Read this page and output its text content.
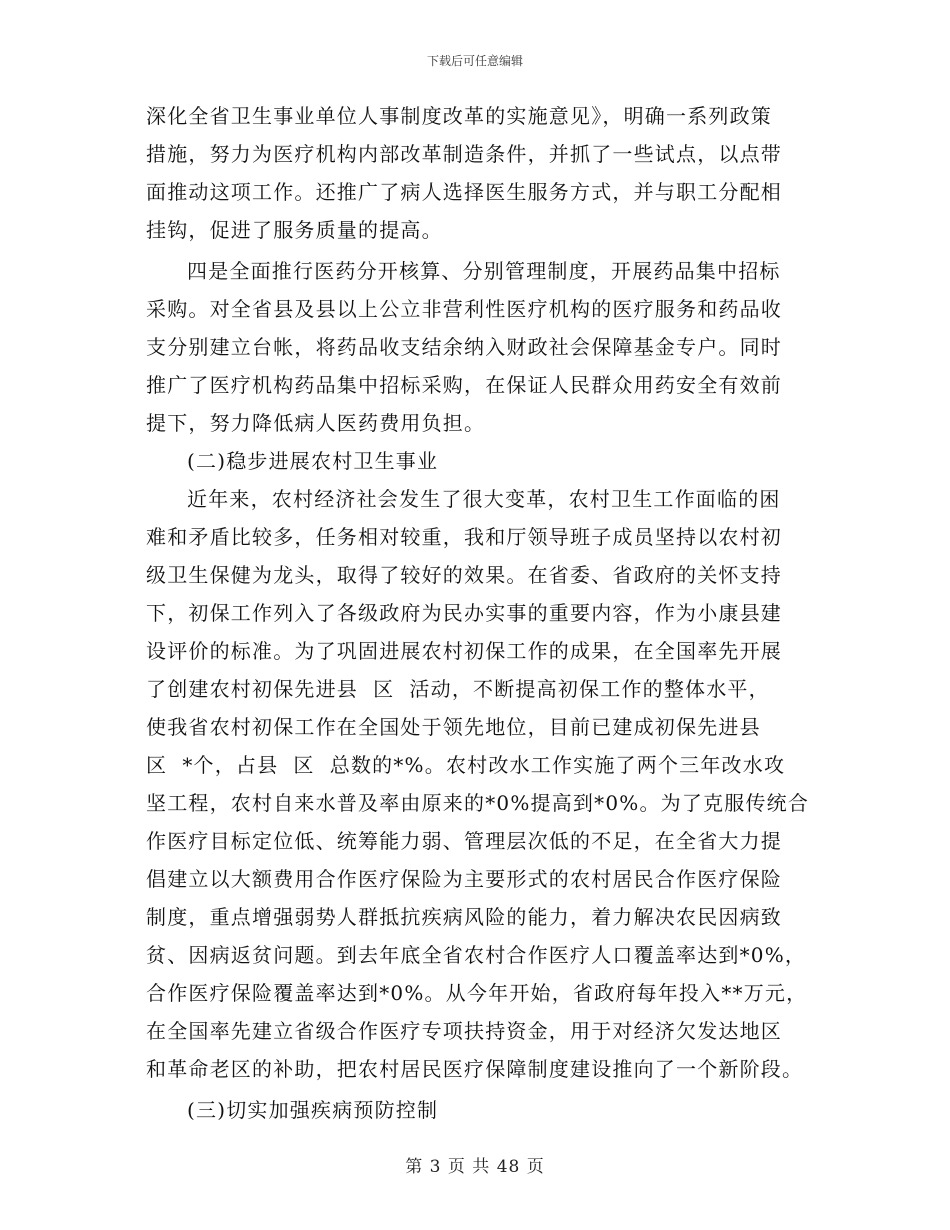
下载后可任意编辑
深化全省卫生事业单位人事制度改革的实施意见》，明确一系列政策
措施，努力为医疗机构内部改革制造条件，并抓了一些试点，以点带
面推动这项工作。还推广了病人选择医生服务方式，并与职工分配相
挂钩，促进了服务质量的提高。
四是全面推行医药分开核算、分别管理制度，开展药品集中招标
采购。对全省县及县以上公立非营利性医疗机构的医疗服务和药品收
支分别建立台帐，将药品收支结余纳入财政社会保障基金专户。同时
推广了医疗机构药品集中招标采购，在保证人民群众用药安全有效前
提下，努力降低病人医药费用负担。
(二)稳步进展农村卫生事业
近年来，农村经济社会发生了很大变革，农村卫生工作面临的困
难和矛盾比较多，任务相对较重，我和厅领导班子成员坚持以农村初
级卫生保健为龙头，取得了较好的效果。在省委、省政府的关怀支持
下，初保工作列入了各级政府为民办实事的重要内容，作为小康县建
设评价的标准。为了巩固进展农村初保工作的成果，在全国率先开展
了创建农村初保先进县  区  活动，不断提高初保工作的整体水平，
使我省农村初保工作在全国处于领先地位，目前已建成初保先进县
区  *个，占县  区  总数的*%。农村改水工作实施了两个三年改水攻
坚工程，农村自来水普及率由原来的*0%提高到*0%。为了克服传统合
作医疗目标定位低、统筹能力弱、管理层次低的不足，在全省大力提
倡建立以大额费用合作医疗保险为主要形式的农村居民合作医疗保险
制度，重点增强弱势人群抵抗疾病风险的能力，着力解决农民因病致
贫、因病返贫问题。到去年底全省农村合作医疗人口覆盖率达到*0%，
合作医疗保险覆盖率达到*0%。从今年开始，省政府每年投入**万元，
在全国率先建立省级合作医疗专项扶持资金，用于对经济欠发达地区
和革命老区的补助，把农村居民医疗保障制度建设推向了一个新阶段。
(三)切实加强疾病预防控制
第 3 页 共 48 页
